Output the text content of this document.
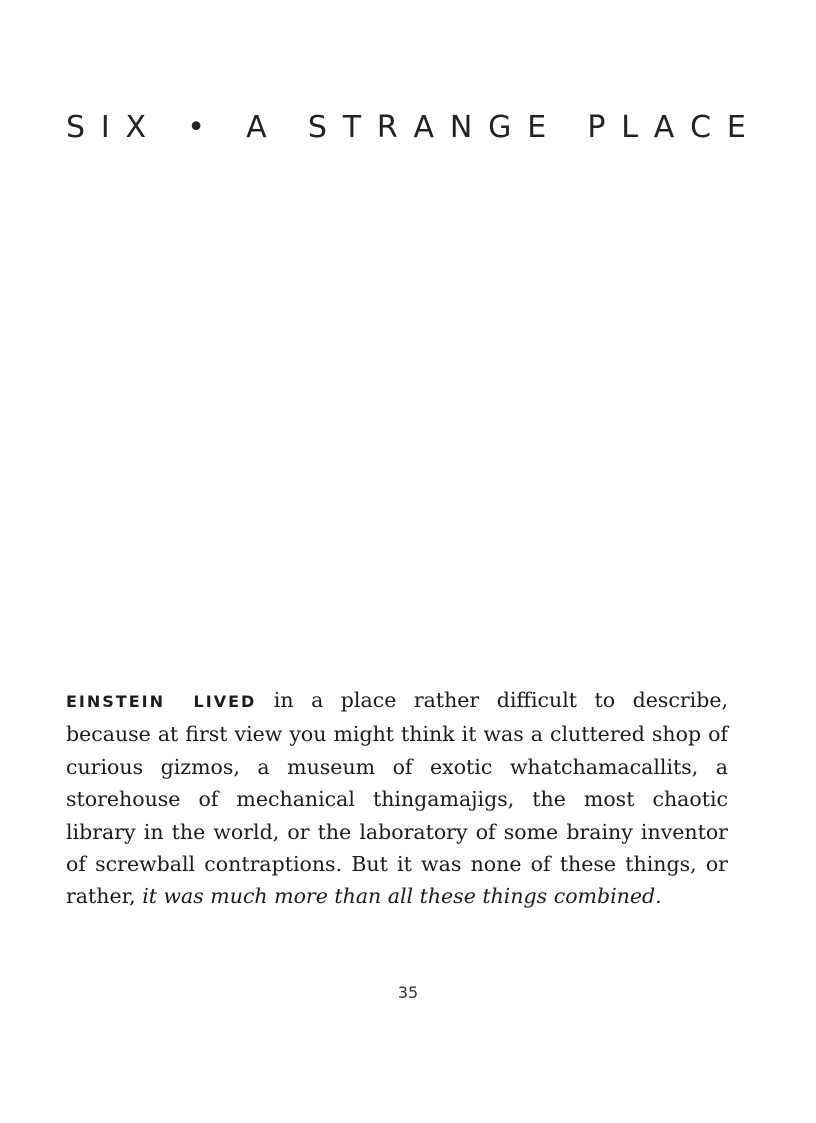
S I X
•
A
S T R A N G E
P L A C E

EINSTEIN LIVED in a place rather difficult to describe, because at first view you might think it was a cluttered shop of curious gizmos, a museum of exotic whatchamacallits, a storehouse of mechanical thingamajigs, the most chaotic library in the world, or the laboratory of some brainy inventor of screwball contraptions. But it was none of these things, or rather, it was much more than all these things combined.

35
